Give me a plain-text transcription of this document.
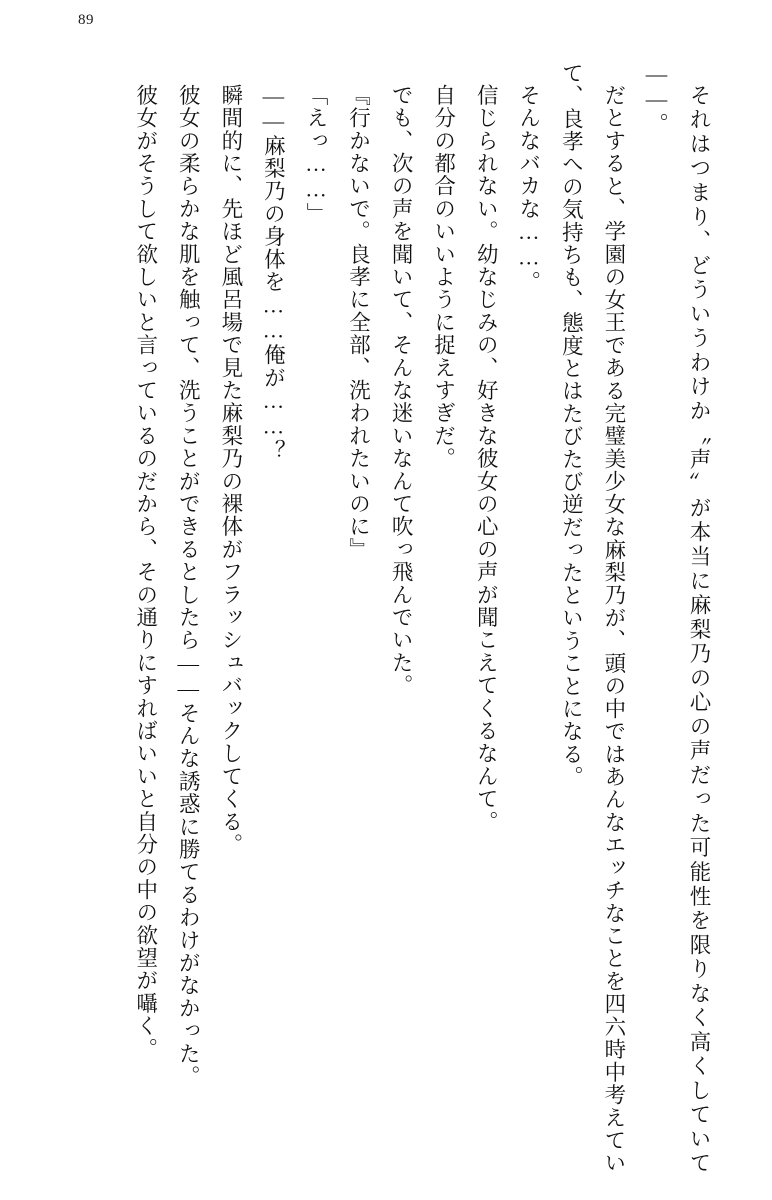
89

それはつまり、どういうわけか〝声〟が本当に麻梨乃の心の声だった可能性を限りなく高くしていて——。

だとすると、学園の女王である完璧美少女な麻梨乃が、頭の中ではあんなエッチなことを四六時中考えていて、良孝への気持ちも、態度とはたびたび逆だったということになる。

そんなバカな……。

信じられない。幼なじみの、好きな彼女の心の声が聞こえてくるなんて。

自分の都合のいいように捉えすぎだ。

でも、次の声を聞いて、そんな迷いなんて吹っ飛んでいた。

『行かないで。良孝に全部、洗われたいのに』

「えっ……」

——麻梨乃の身体を……俺が……？

瞬間的に、先ほど風呂場で見た麻梨乃の裸体がフラッシュバックしてくる。

彼女の柔らかな肌を触って、洗うことができるとしたら——そんな誘惑に勝てるわけがなかった。

彼女がそうして欲しいと言っているのだから、その通りにすればいいと自分の中の欲望が囁く。
